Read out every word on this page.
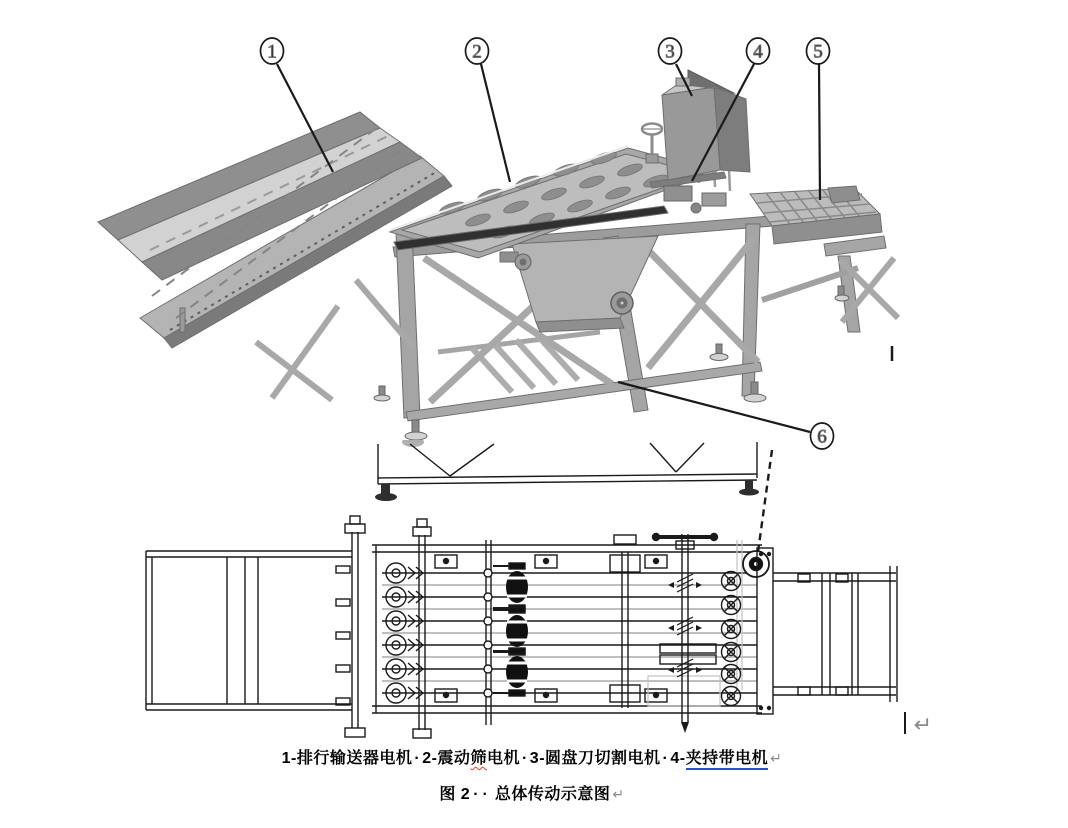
1	2	3	4	5
6
↵
1-排行输送器电机 · 2-震动筛电机 · 3-圆盘刀切割电机 · 4-夹持带电机 ↵
图 2 ·· 总体传动示意图 ↵
